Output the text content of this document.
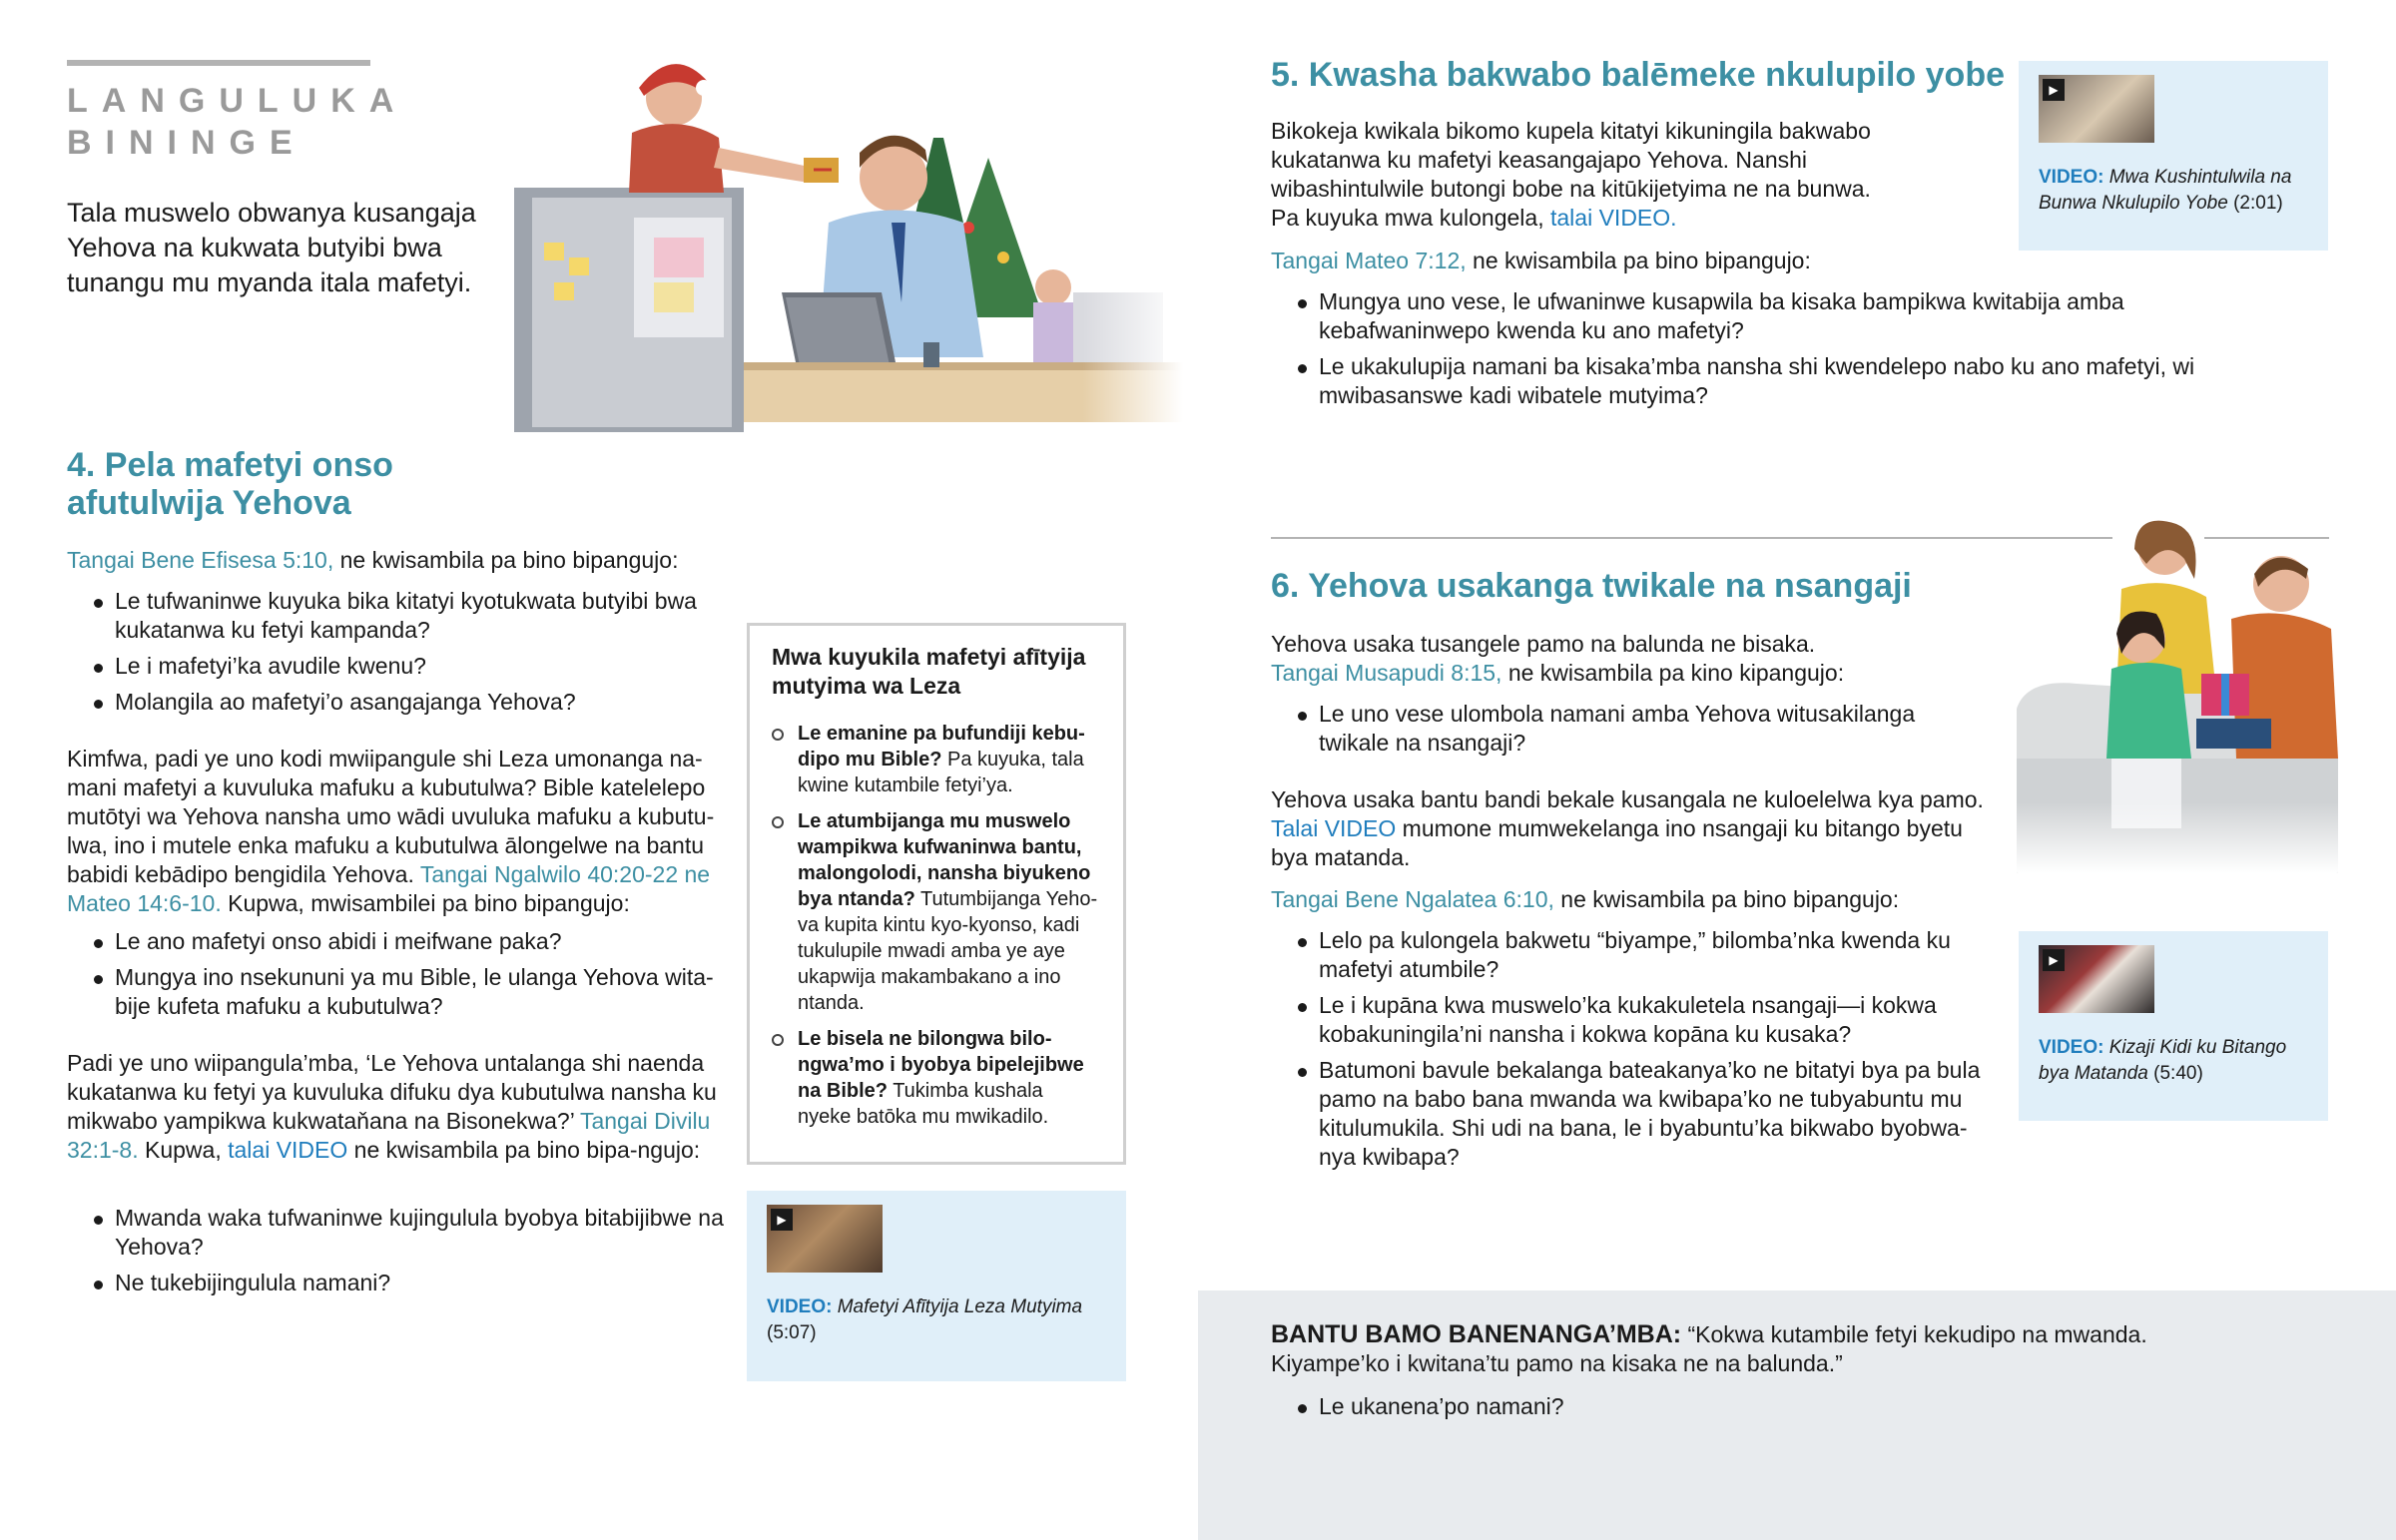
LANGULUKA BININGE

Tala muswelo obwanya kusangaja Yehova na kukwata butyibi bwa tunangu mu myanda itala mafetyi.

4. Pela mafetyi onso afutulwija Yehova

Tangai Bene Efisesa 5:10, ne kwisambila pa bino bipangujo:

Le tufwaninwe kuyuka bika kitatyi kyotukwata butyibi bwa kukatanwa ku fetyi kampanda?
Le i mafetyi’ka avudile kwenu?
Molangila ao mafetyi’o asangajanga Yehova?

Kimfwa, padi ye uno kodi mwiipangule shi Leza umonanga na-mani mafetyi a kuvuluka mafuku a kubutulwa? Bible katelelepo mutōtyi wa Yehova nansha umo wādi uvuluka mafuku a kubutu-lwa, ino i mutele enka mafuku a kubutulwa ālongelwe na bantu babidi kebādipo bengidila Yehova. Tangai Ngalwilo 40:20-22 ne Mateo 14:6-10. Kupwa, mwisambilei pa bino bipangujo:

Le ano mafetyi onso abidi i meifwane paka?
Mungya ino nsekununi ya mu Bible, le ulanga Yehova wita-bije kufeta mafuku a kubutulwa?

Padi ye uno wiipangula’mba, ‘Le Yehova untalanga shi naenda kukatanwa ku fetyi ya kuvuluka difuku dya kubutulwa nansha ku mikwabo yampikwa kukwataňana na Bisonekwa?’ Tangai Divilu 32:1-8. Kupwa, talai VIDEO ne kwisambila pa bino bipa-ngujo:

Mwanda waka tufwaninwe kujingulula byobya bitabijibwe na Yehova?
Ne tukebijingulula namani?
Mwa kuyukila mafetyi afītyija mutyima wa Leza
Le emanine pa bufundiji kebu-dipo mu Bible? Pa kuyuka, tala kwine kutambile fetyi’ya.
Le atumbijanga mu muswelo wampikwa kufwaninwa bantu, malongolodi, nansha biyukeno bya ntanda? Tutumbijanga Yeho-va kupita kintu kyo-kyonso, kadi tukulupile mwadi amba ye aye ukapwija makambakano a ino ntanda.
Le bisela ne bilongwa bilo-ngwa’mo i byobya bipelejibwe na Bible? Tukimba kushala nyeke batōka mu mwikadilo.
▶
VIDEO: Mafetyi Afītyija Leza Mutyima (5:07)
5. Kwasha bakwabo balēmeke nkulupilo yobe

Bikokeja kwikala bikomo kupela kitatyi kikuningila bakwabo kukatanwa ku mafetyi keasangajapo Yehova. Nanshi wibashintulwile butongi bobe na kitūkijetyima ne na bunwa. Pa kuyuka mwa kulongela, talai VIDEO.

Tangai Mateo 7:12, ne kwisambila pa bino bipangujo:

Mungya uno vese, le ufwaninwe kusapwila ba kisaka bampikwa kwitabija amba kebafwaninwepo kwenda ku ano mafetyi?
Le ukakulupija namani ba kisaka’mba nansha shi kwendelepo nabo ku ano mafetyi, wi mwibasanswe kadi wibatele mutyima?
▶
VIDEO: Mwa Kushintulwila na Bunwa Nkulupilo Yobe (2:01)
6. Yehova usakanga twikale na nsangaji

Yehova usaka tusangele pamo na balunda ne bisaka.
Tangai Musapudi 8:15, ne kwisambila pa kino kipangujo:

Le uno vese ulombola namani amba Yehova witusakilanga twikale na nsangaji?

Yehova usaka bantu bandi bekale kusangala ne kuloelelwa kya pamo. Talai VIDEO mumone mumwekelanga ino nsangaji ku bitango byetu bya matanda.

Tangai Bene Ngalatea 6:10, ne kwisambila pa bino bipangujo:

Lelo pa kulongela bakwetu “biyampe,” bilomba’nka kwenda ku mafetyi atumbile?
Le i kupāna kwa muswelo’ka kukakuletela nsangaji—i kokwa kobakuningila’ni nansha i kokwa kopāna ku kusaka?
Batumoni bavule bekalanga bateakanya’ko ne bitatyi bya pa bula pamo na babo bana mwanda wa kwibapa’ko ne tubyabuntu mu kitulumukila. Shi udi na bana, le i byabuntu’ka bikwabo byobwa-nya kwibapa?
▶
VIDEO: Kizaji Kidi ku Bitango bya Matanda (5:40)

BANTU BAMO BANENANGA’MBA: “Kokwa kutambile fetyi kekudipo na mwanda. Kiyampe’ko i kwitana’tu pamo na kisaka ne na balunda.”

Le ukanena’po namani?
